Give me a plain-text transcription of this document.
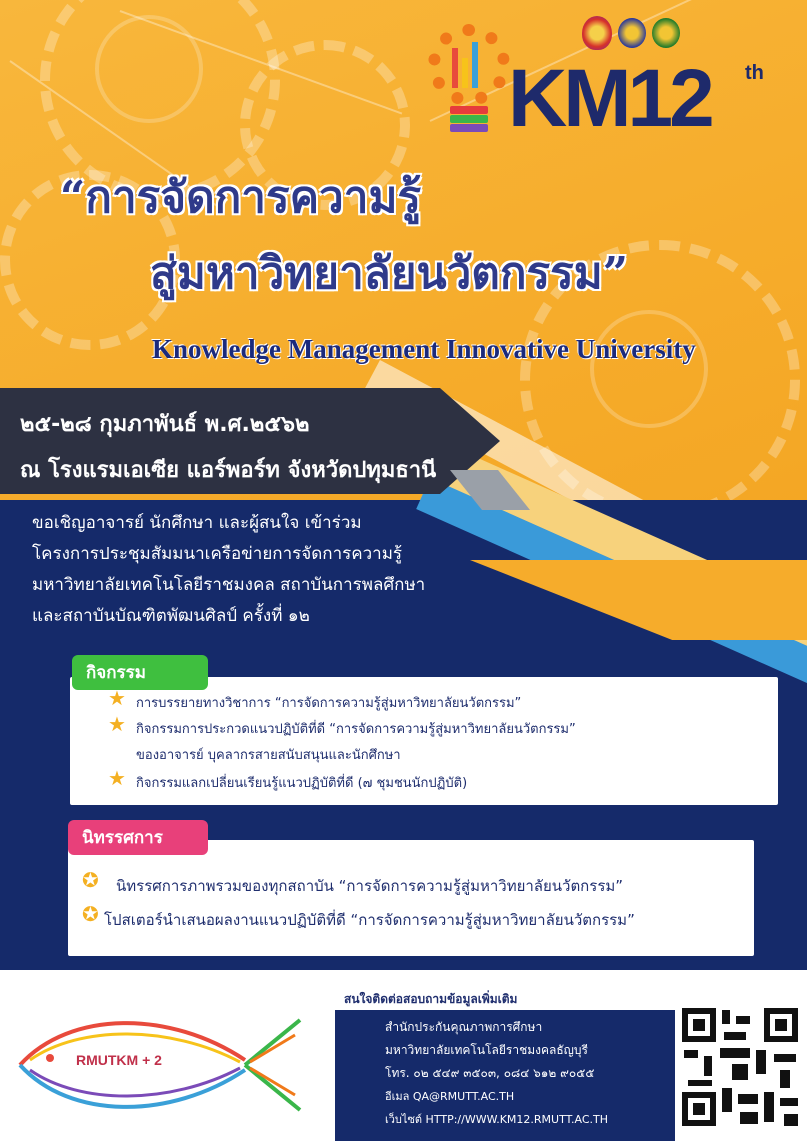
KM12 th
“การจัดการความรู้
สู่มหาวิทยาลัยนวัตกรรม”
Knowledge Management Innovative University
๒๕-๒๘ กุมภาพันธ์ พ.ศ.๒๕๖๒
ณ โรงแรมเอเซีย แอร์พอร์ท จังหวัดปทุมธานี
ขอเชิญอาจารย์ นักศึกษา และผู้สนใจ เข้าร่วม
โครงการประชุมสัมมนาเครือข่ายการจัดการความรู้
มหาวิทยาลัยเทคโนโลยีราชมงคล สถาบันการพลศึกษา
และสถาบันบัณฑิตพัฒนศิลป์ ครั้งที่ ๑๒
กิจกรรม
★ การบรรยายทางวิชาการ “การจัดการความรู้สู่มหาวิทยาลัยนวัตกรรม”
★ กิจกรรมการประกวดแนวปฏิบัติที่ดี “การจัดการความรู้สู่มหาวิทยาลัยนวัตกรรม”
ของอาจารย์ บุคลากรสายสนับสนุนและนักศึกษา
★ กิจกรรมแลกเปลี่ยนเรียนรู้แนวปฏิบัติที่ดี (๗ ชุมชนนักปฏิบัติ)
นิทรรศการ
✪ นิทรรศการภาพรวมของทุกสถาบัน “การจัดการความรู้สู่มหาวิทยาลัยนวัตกรรม”
✪ โปสเตอร์นำเสนอผลงานแนวปฏิบัติที่ดี “การจัดการความรู้สู่มหาวิทยาลัยนวัตกรรม”
RMUTKM + 2
สนใจติดต่อสอบถามข้อมูลเพิ่มเติม
สำนักประกันคุณภาพการศึกษา
มหาวิทยาลัยเทคโนโลยีราชมงคลธัญบุรี
โทร. ๐๒ ๕๔๙ ๓๕๐๓, ๐๘๔ ๖๑๒ ๙๐๕๕
อีเมล QA@RMUTT.AC.TH
เว็บไซต์ HTTP://WWW.KM12.RMUTT.AC.TH
